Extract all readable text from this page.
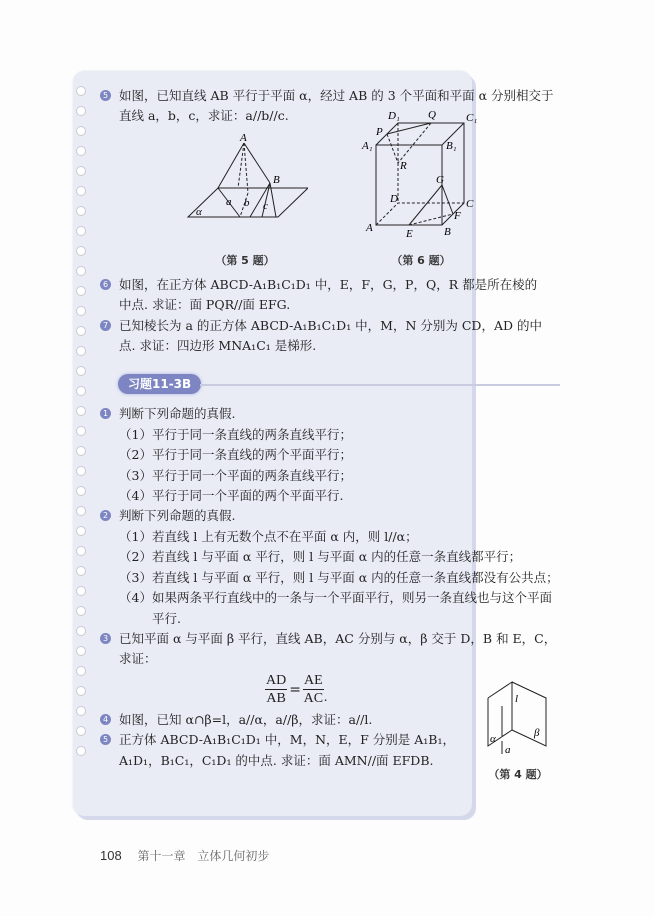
5 如图，已知直线 AB 平行于平面 α，经过 AB 的 3 个平面和平面 α 分别相交于
直线 a，b，c，求证：a//b//c.
A
B
a b c
α
（第 5 题）
D₁	Q	C₁
P
A₁	B₁
R
G
D	C
F
A	E	B
（第 6 题）
6 如图，在正方体 ABCD-A₁B₁C₁D₁ 中，E，F，G，P，Q，R 都是所在棱的
中点. 求证：面 PQR//面 EFG.
7 已知棱长为 a 的正方体 ABCD-A₁B₁C₁D₁ 中，M，N 分别为 CD，AD 的中
点. 求证：四边形 MNA₁C₁ 是梯形.
习题11-3B
1 判断下列命题的真假.
（1）平行于同一条直线的两条直线平行；
（2）平行于同一条直线的两个平面平行；
（3）平行于同一个平面的两条直线平行；
（4）平行于同一个平面的两个平面平行.
2 判断下列命题的真假.
（1）若直线 l 上有无数个点不在平面 α 内，则 l//α；
（2）若直线 l 与平面 α 平行，则 l 与平面 α 内的任意一条直线都平行；
（3）若直线 l 与平面 α 平行，则 l 与平面 α 内的任意一条直线都没有公共点；
（4）如果两条平行直线中的一条与一个平面平行，则另一条直线也与这个平面
平行.
3 已知平面 α 与平面 β 平行，直线 AB，AC 分别与 α，β 交于 D，B 和 E，C，
求证：
$\frac{AD}{AB} = \frac{AE}{AC}$ .
4 如图，已知 α∩β=l，a//α，a//β，求证：a//l.
5 正方体 ABCD-A₁B₁C₁D₁ 中，M，N，E，F 分别是 A₁B₁，
A₁D₁，B₁C₁，C₁D₁ 的中点. 求证：面 AMN//面 EFDB.
l
α	β
a
（第 4 题）
108 第十一章 立体几何初步
